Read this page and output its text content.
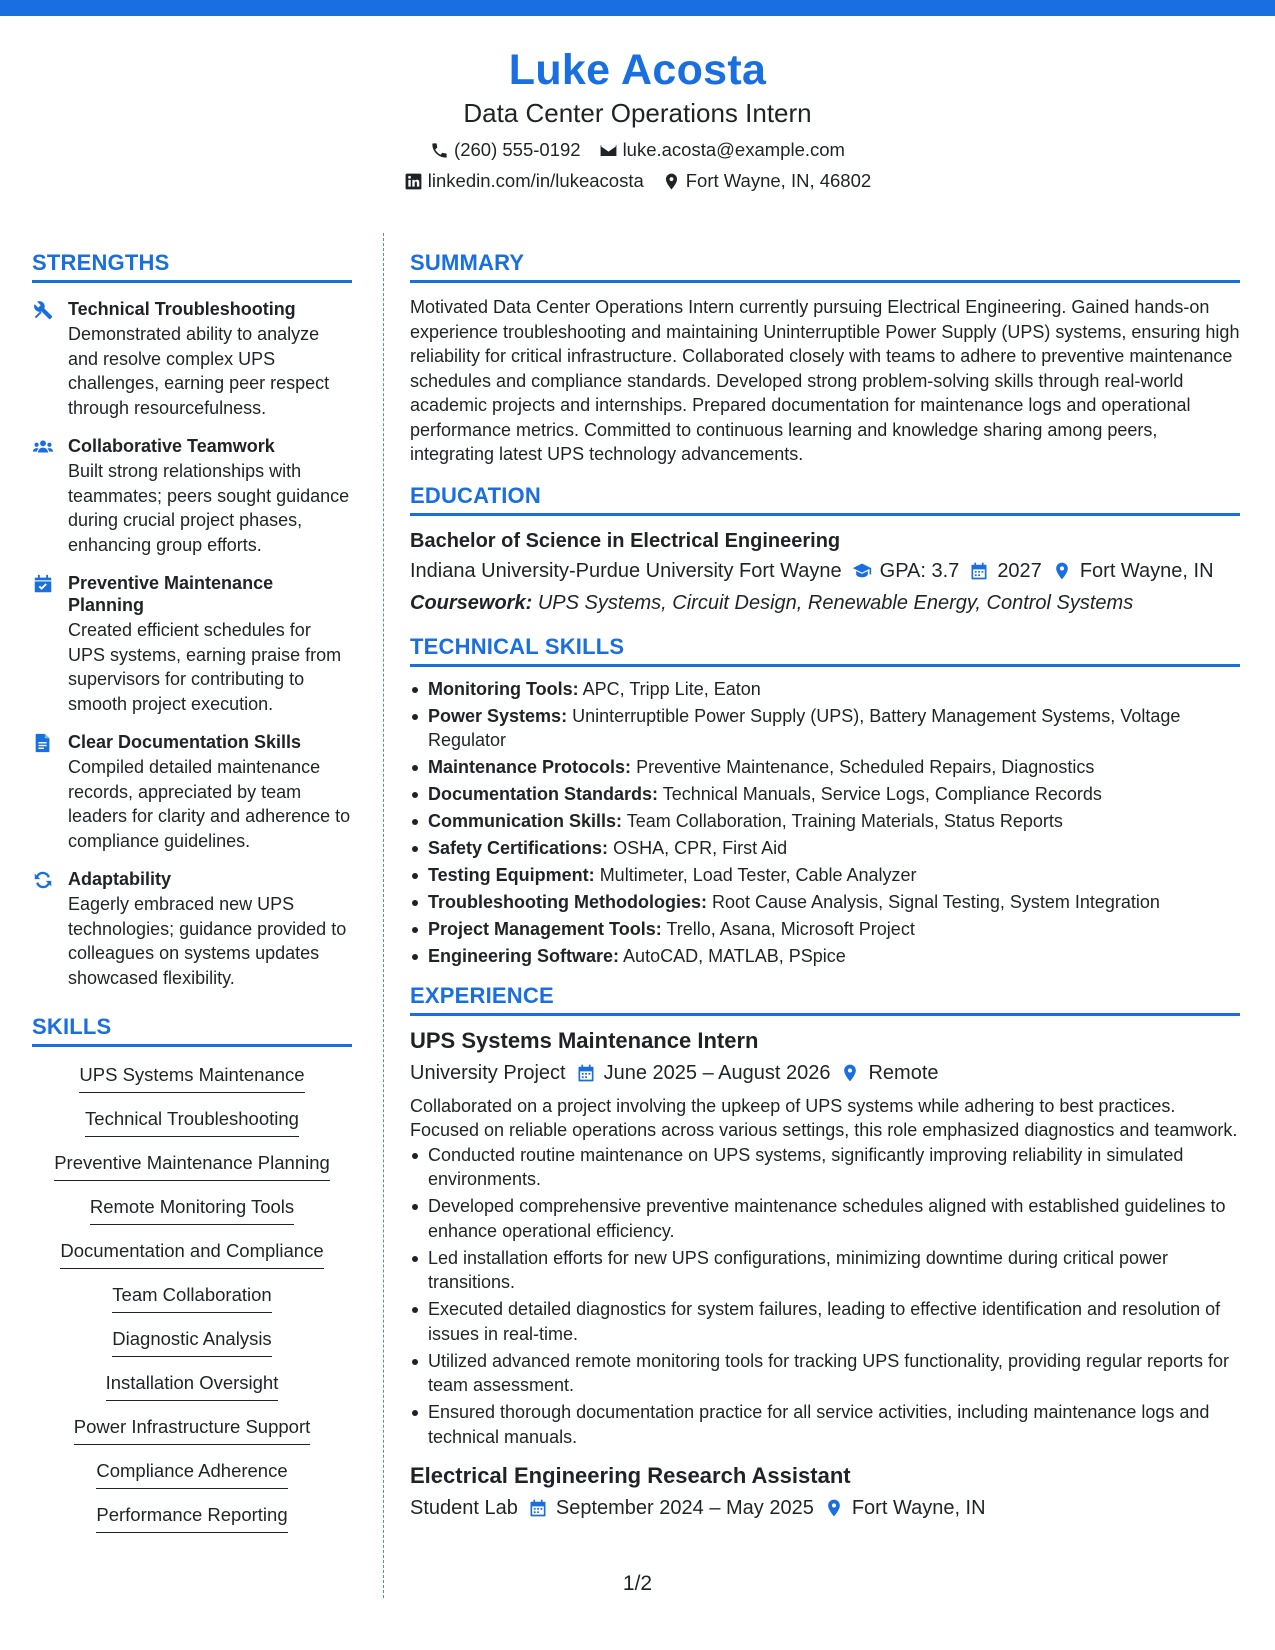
Luke Acosta
Data Center Operations Intern
(260) 555-0192 luke.acosta@example.com
linkedin.com/in/lukeacosta Fort Wayne, IN, 46802
STRENGTHS
Technical Troubleshooting
Demonstrated ability to analyze and resolve complex UPS challenges, earning peer respect through resourcefulness.
Collaborative Teamwork
Built strong relationships with teammates; peers sought guidance during crucial project phases, enhancing group efforts.
Preventive Maintenance Planning
Created efficient schedules for UPS systems, earning praise from supervisors for contributing to smooth project execution.
Clear Documentation Skills
Compiled detailed maintenance records, appreciated by team leaders for clarity and adherence to compliance guidelines.
Adaptability
Eagerly embraced new UPS technologies; guidance provided to colleagues on systems updates showcased flexibility.
SKILLS
UPS Systems Maintenance
Technical Troubleshooting
Preventive Maintenance Planning
Remote Monitoring Tools
Documentation and Compliance
Team Collaboration
Diagnostic Analysis
Installation Oversight
Power Infrastructure Support
Compliance Adherence
Performance Reporting
SUMMARY
Motivated Data Center Operations Intern currently pursuing Electrical Engineering. Gained hands-on experience troubleshooting and maintaining Uninterruptible Power Supply (UPS) systems, ensuring high reliability for critical infrastructure. Collaborated closely with teams to adhere to preventive maintenance schedules and compliance standards. Developed strong problem-solving skills through real-world academic projects and internships. Prepared documentation for maintenance logs and operational performance metrics. Committed to continuous learning and knowledge sharing among peers, integrating latest UPS technology advancements.
EDUCATION
Bachelor of Science in Electrical Engineering
Indiana University-Purdue University Fort Wayne GPA: 3.7 2027 Fort Wayne, IN
Coursework: UPS Systems, Circuit Design, Renewable Energy, Control Systems
TECHNICAL SKILLS
Monitoring Tools: APC, Tripp Lite, Eaton
Power Systems: Uninterruptible Power Supply (UPS), Battery Management Systems, Voltage Regulator
Maintenance Protocols: Preventive Maintenance, Scheduled Repairs, Diagnostics
Documentation Standards: Technical Manuals, Service Logs, Compliance Records
Communication Skills: Team Collaboration, Training Materials, Status Reports
Safety Certifications: OSHA, CPR, First Aid
Testing Equipment: Multimeter, Load Tester, Cable Analyzer
Troubleshooting Methodologies: Root Cause Analysis, Signal Testing, System Integration
Project Management Tools: Trello, Asana, Microsoft Project
Engineering Software: AutoCAD, MATLAB, PSpice
EXPERIENCE
UPS Systems Maintenance Intern
University Project June 2025 – August 2026 Remote
Collaborated on a project involving the upkeep of UPS systems while adhering to best practices. Focused on reliable operations across various settings, this role emphasized diagnostics and teamwork.
Conducted routine maintenance on UPS systems, significantly improving reliability in simulated environments.
Developed comprehensive preventive maintenance schedules aligned with established guidelines to enhance operational efficiency.
Led installation efforts for new UPS configurations, minimizing downtime during critical power transitions.
Executed detailed diagnostics for system failures, leading to effective identification and resolution of issues in real-time.
Utilized advanced remote monitoring tools for tracking UPS functionality, providing regular reports for team assessment.
Ensured thorough documentation practice for all service activities, including maintenance logs and technical manuals.
Electrical Engineering Research Assistant
Student Lab September 2024 – May 2025 Fort Wayne, IN
1/2
